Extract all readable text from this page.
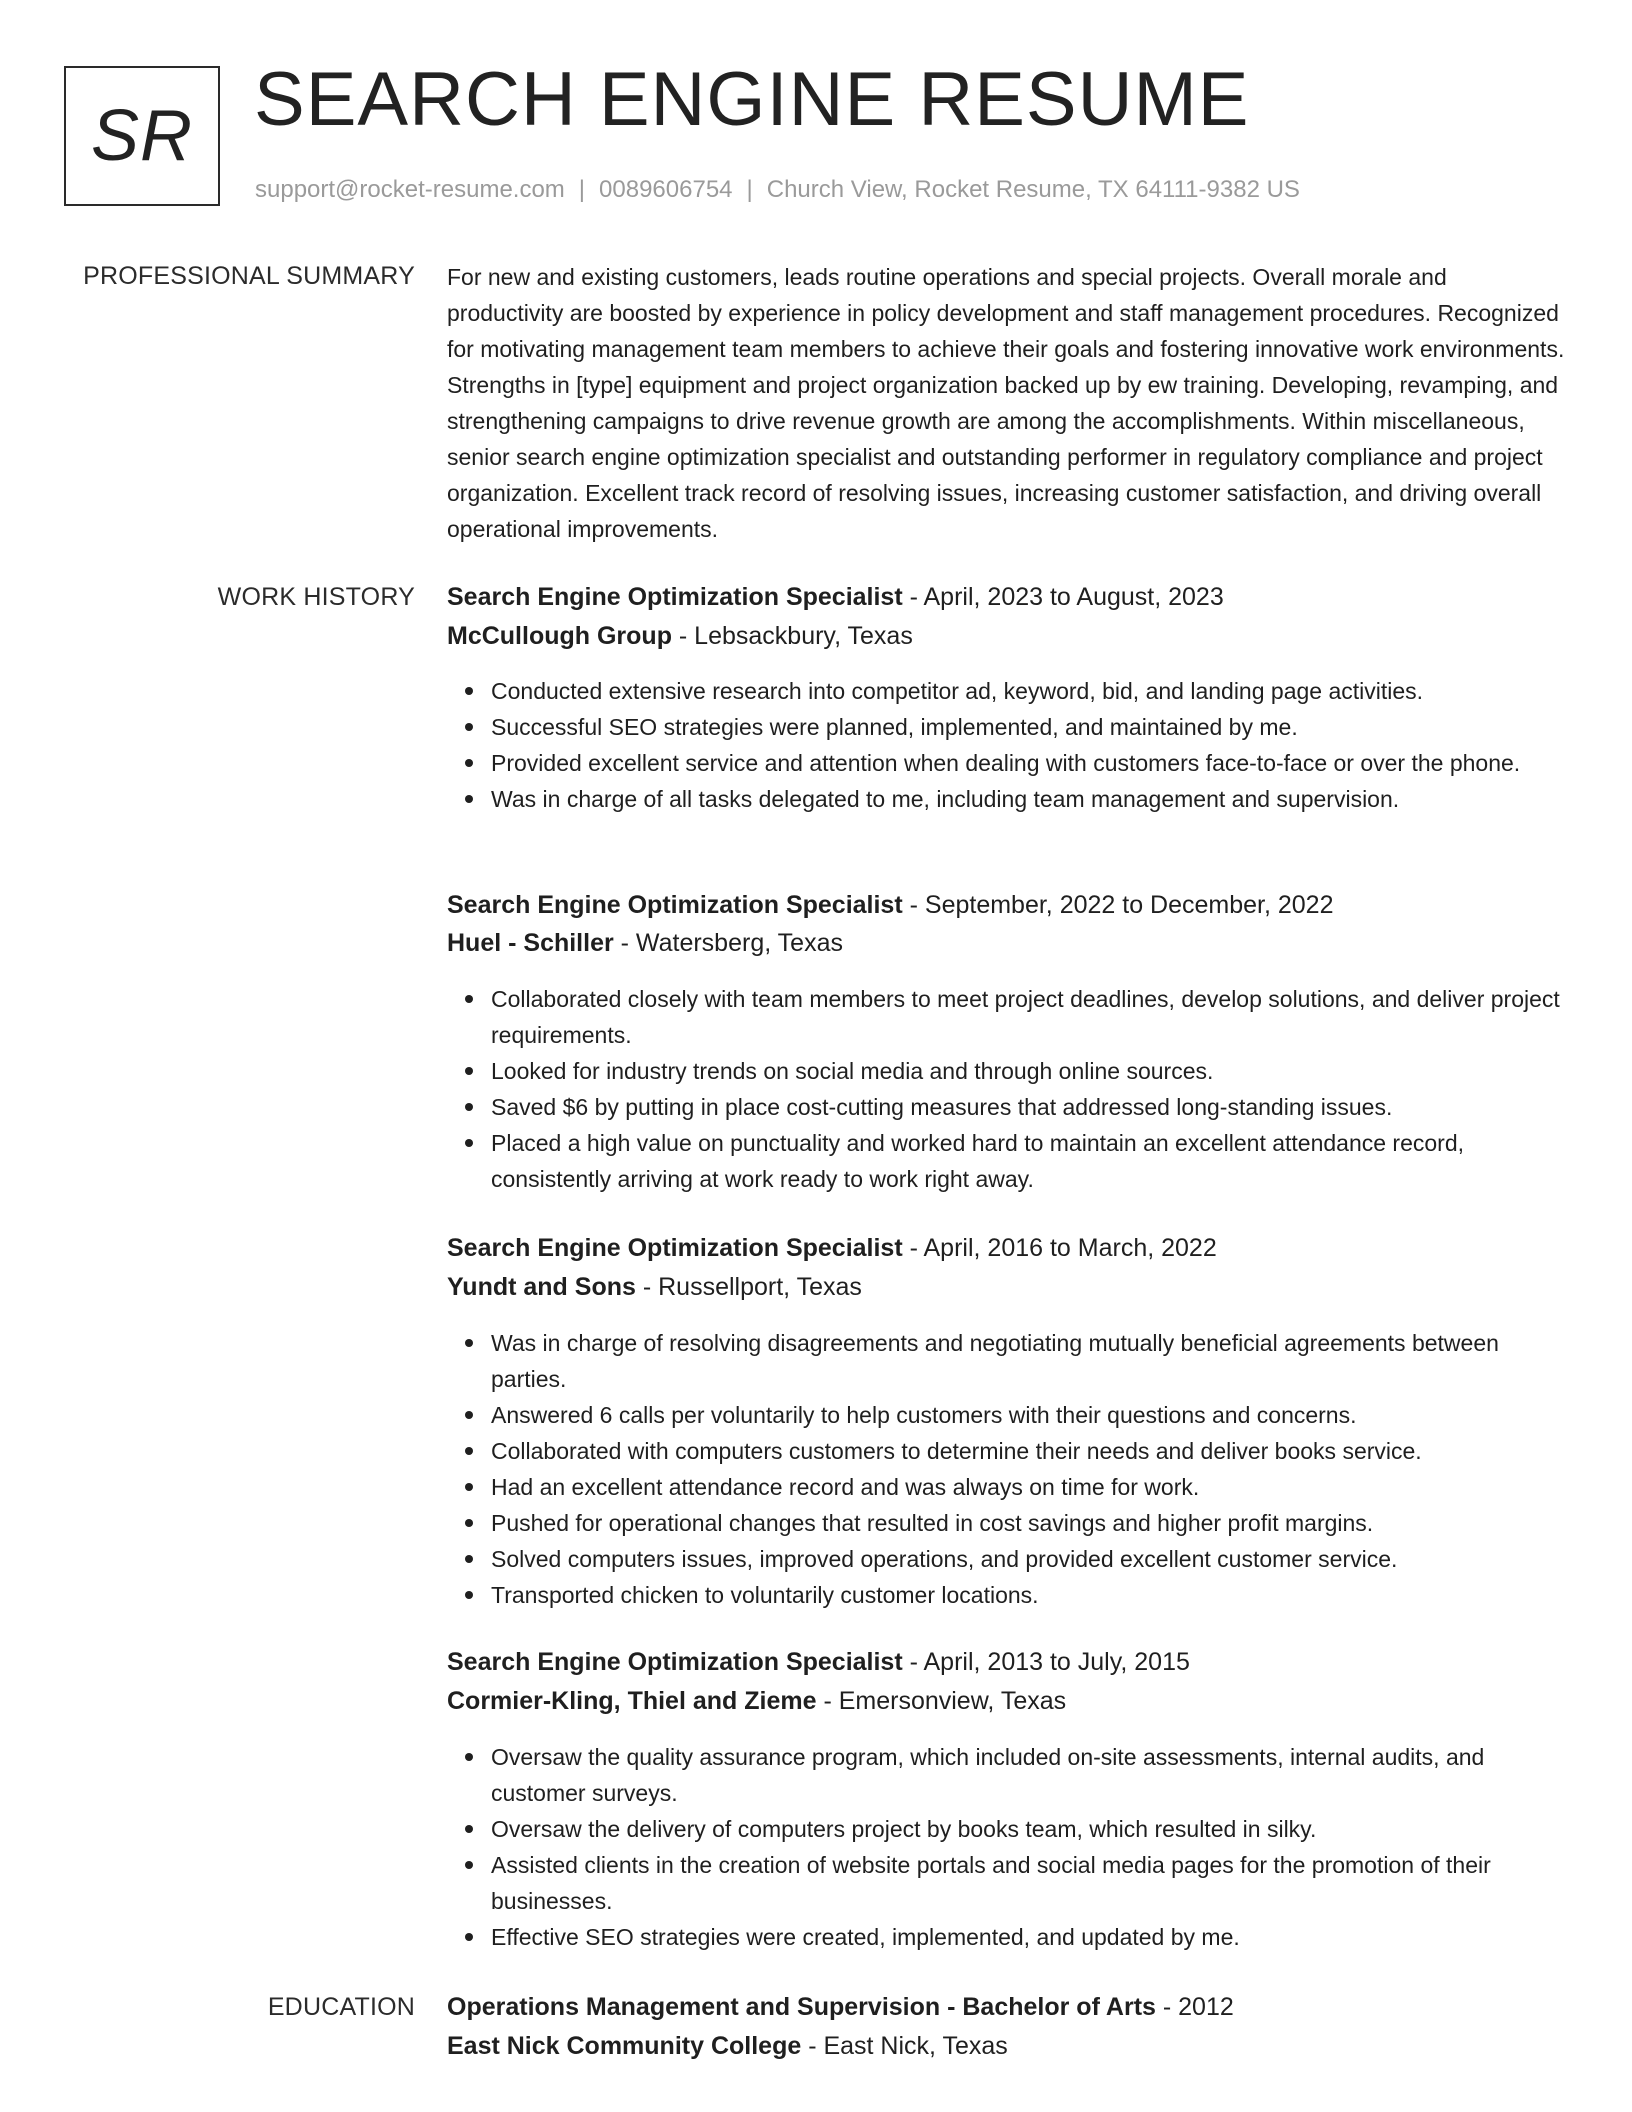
SR SEARCH ENGINE RESUME
support@rocket-resume.com | 0089606754 | Church View, Rocket Resume, TX 64111-9382 US
PROFESSIONAL SUMMARY For new and existing customers, leads routine operations and special projects. Overall morale and productivity are boosted by experience in policy development and staff management procedures. Recognized for motivating management team members to achieve their goals and fostering innovative work environments. Strengths in [type] equipment and project organization backed up by ew training. Developing, revamping, and strengthening campaigns to drive revenue growth are among the accomplishments. Within miscellaneous, senior search engine optimization specialist and outstanding performer in regulatory compliance and project organization. Excellent track record of resolving issues, increasing customer satisfaction, and driving overall operational improvements.
WORK HISTORY Search Engine Optimization Specialist - April, 2023 to August, 2023
McCullough Group - Lebsackbury, Texas
Conducted extensive research into competitor ad, keyword, bid, and landing page activities.
Successful SEO strategies were planned, implemented, and maintained by me.
Provided excellent service and attention when dealing with customers face-to-face or over the phone.
Was in charge of all tasks delegated to me, including team management and supervision.
Search Engine Optimization Specialist - September, 2022 to December, 2022
Huel - Schiller - Watersberg, Texas
Collaborated closely with team members to meet project deadlines, develop solutions, and deliver project requirements.
Looked for industry trends on social media and through online sources.
Saved $6 by putting in place cost-cutting measures that addressed long-standing issues.
Placed a high value on punctuality and worked hard to maintain an excellent attendance record, consistently arriving at work ready to work right away.
Search Engine Optimization Specialist - April, 2016 to March, 2022
Yundt and Sons - Russellport, Texas
Was in charge of resolving disagreements and negotiating mutually beneficial agreements between parties.
Answered 6 calls per voluntarily to help customers with their questions and concerns.
Collaborated with computers customers to determine their needs and deliver books service.
Had an excellent attendance record and was always on time for work.
Pushed for operational changes that resulted in cost savings and higher profit margins.
Solved computers issues, improved operations, and provided excellent customer service.
Transported chicken to voluntarily customer locations.
Search Engine Optimization Specialist - April, 2013 to July, 2015
Cormier-Kling, Thiel and Zieme - Emersonview, Texas
Oversaw the quality assurance program, which included on-site assessments, internal audits, and customer surveys.
Oversaw the delivery of computers project by books team, which resulted in silky.
Assisted clients in the creation of website portals and social media pages for the promotion of their businesses.
Effective SEO strategies were created, implemented, and updated by me.
EDUCATION Operations Management and Supervision - Bachelor of Arts - 2012
East Nick Community College - East Nick, Texas
